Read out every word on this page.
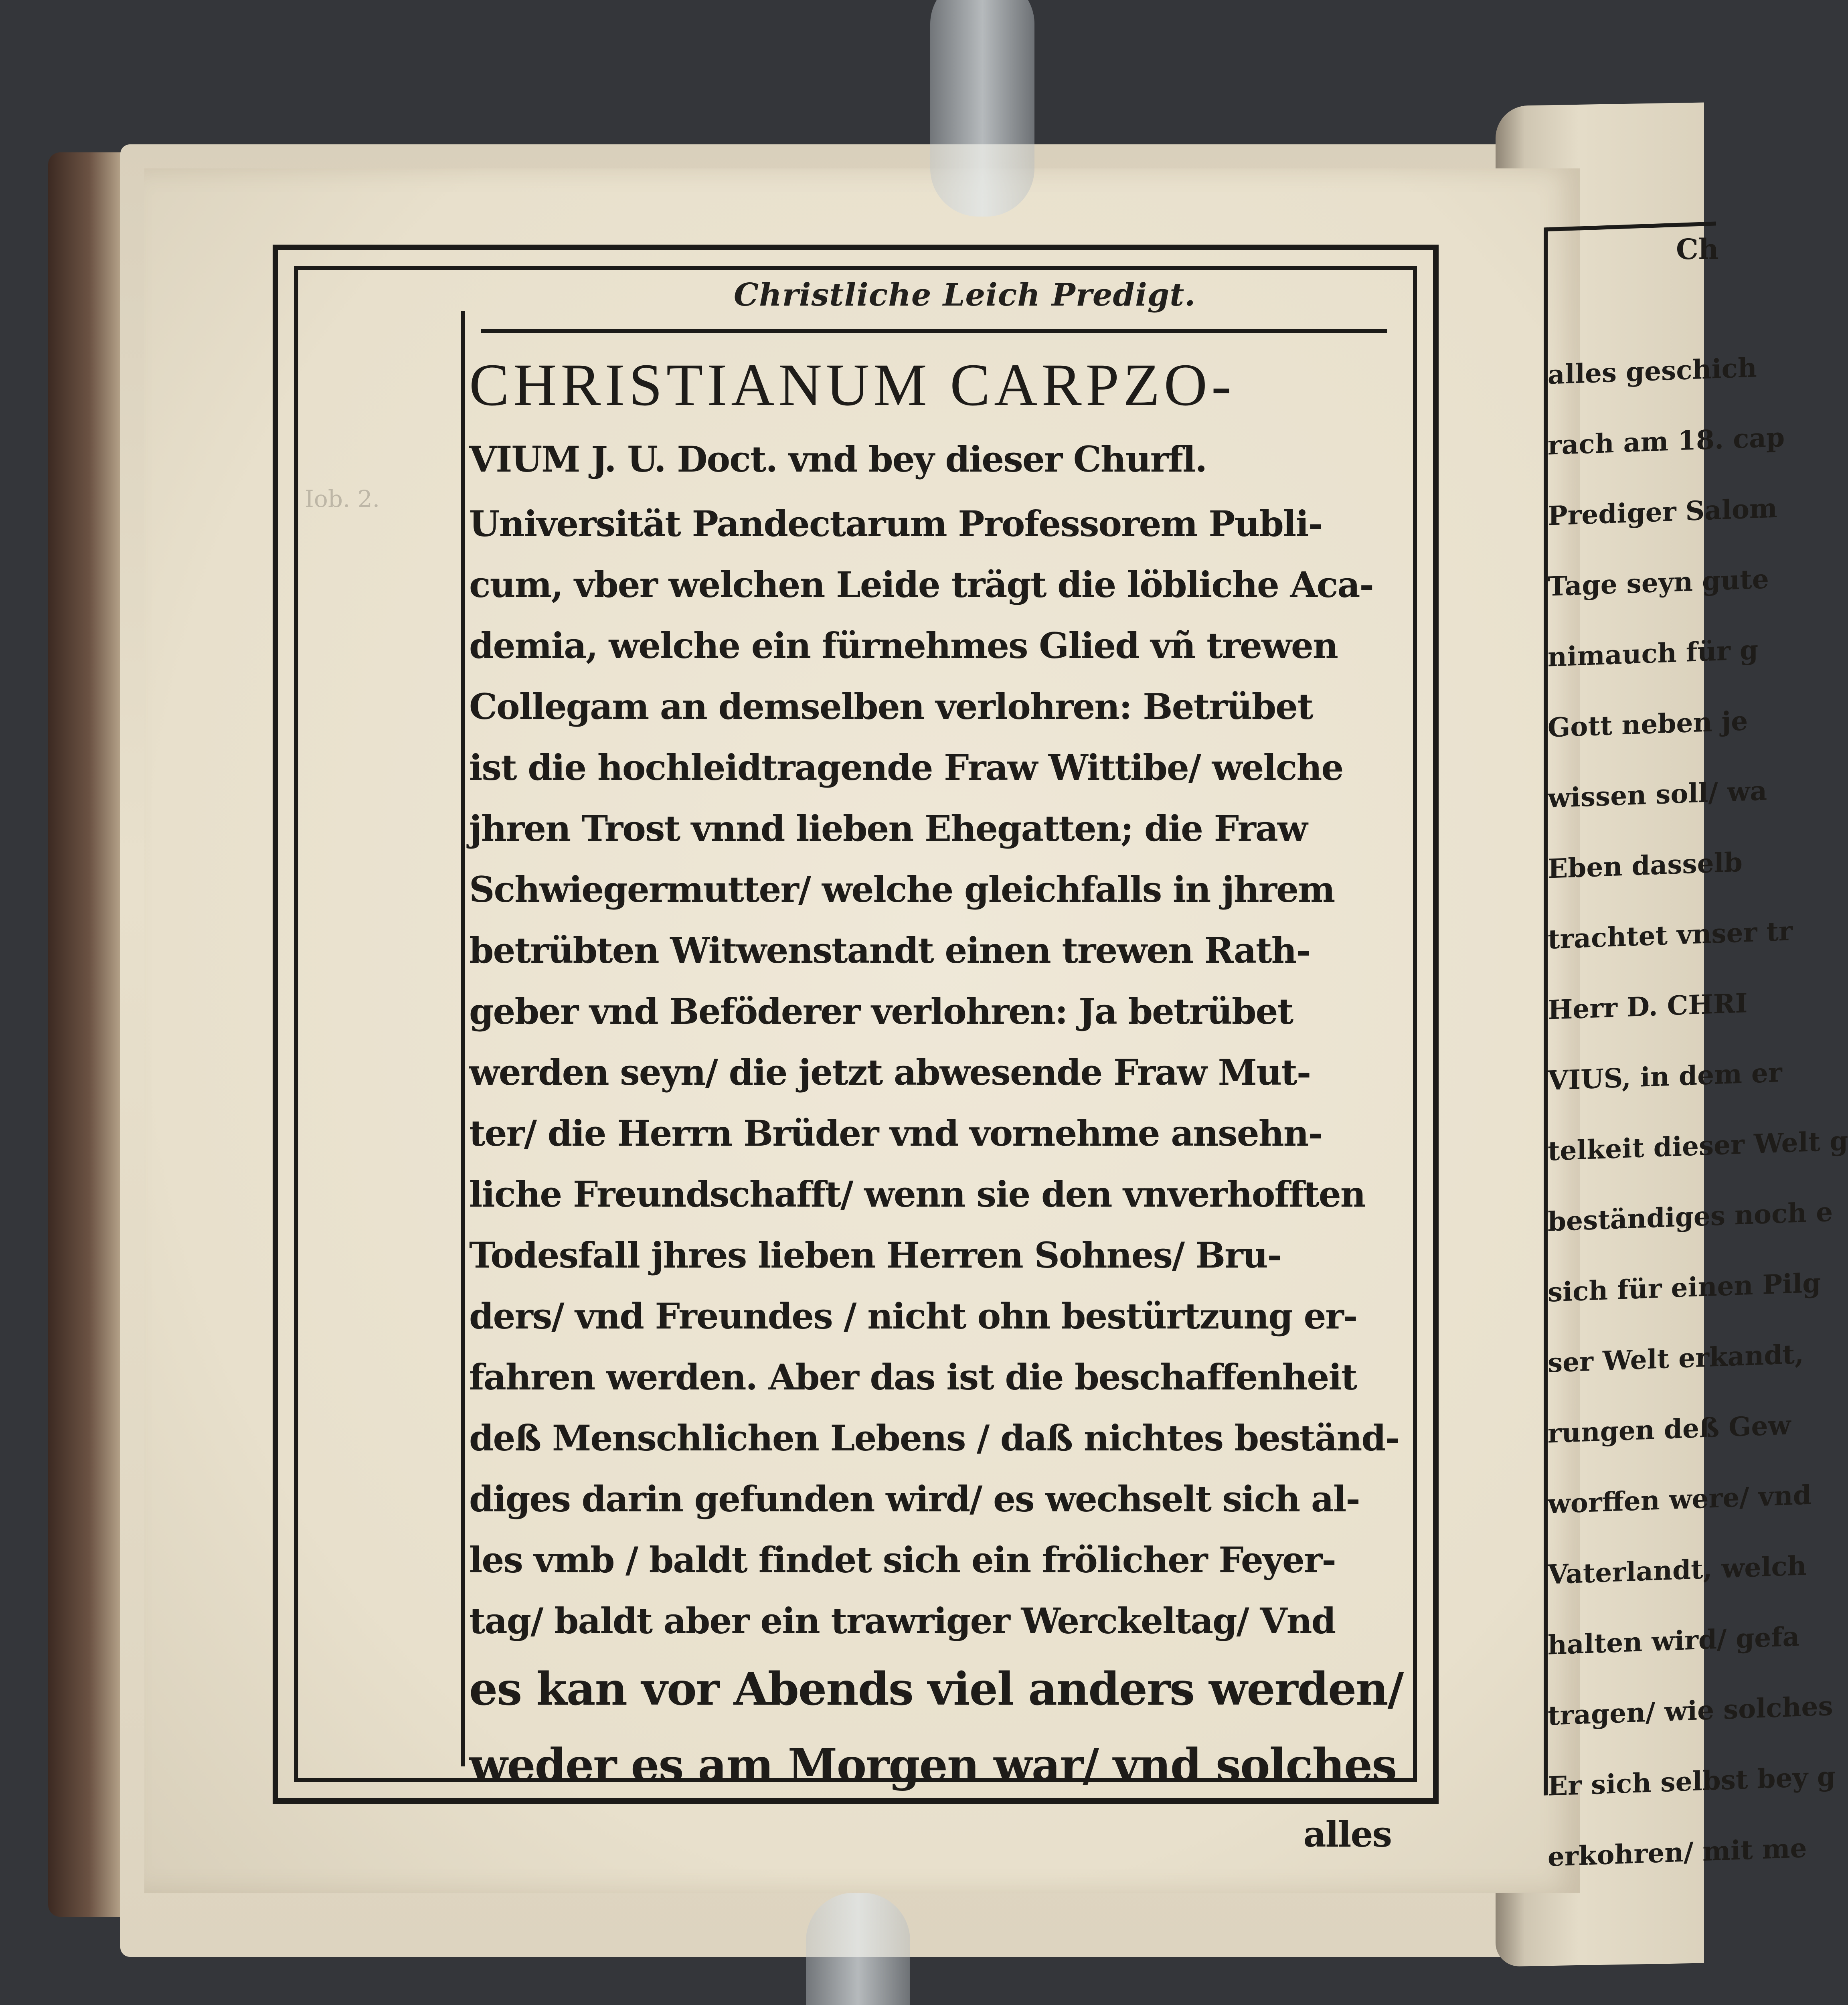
Iob. 2.
Christliche Leich Predigt.
CHRISTIANUM CARPZO-
VIUM J. U. Doct. vnd bey dieser Churfl.
Universität Pandectarum Professorem Publi-
cum, vber welchen Leide trägt die löbliche Aca-
demia, welche ein fürnehmes Glied vñ trewen
Collegam an demselben verlohren: Betrübet
ist die hochleidtragende Fraw Wittibe/ welche
jhren Trost vnnd lieben Ehegatten; die Fraw
Schwiegermutter/ welche gleichfalls in jhrem
betrübten Witwenstandt einen trewen Rath-
geber vnd Beföderer verlohren: Ja betrübet
werden seyn/ die jetzt abwesende Fraw Mut-
ter/ die Herrn Brüder vnd vornehme ansehn-
liche Freundschafft/ wenn sie den vnverhofften
Todesfall jhres lieben Herren Sohnes/ Bru-
ders/ vnd Freundes / nicht ohn bestürtzung er-
fahren werden. Aber das ist die beschaffenheit
deß Menschlichen Lebens / daß nichtes beständ-
diges darin gefunden wird/ es wechselt sich al-
les vmb / baldt findet sich ein frölicher Feyer-
tag/ baldt aber ein trawriger Werckeltag/ Vnd
es kan vor Abends viel anders werden/
weder es am Morgen war/ vnd solches
alles
Ch
alles geschich
rach am 18. cap
Prediger Salom
Tage seyn gute
nimauch für g
Gott neben je
wissen soll/ wa
Eben dasselb
trachtet vnser tr
Herr D. CHRI
VIUS, in dem er
telkeit dieser Welt g
beständiges noch e
sich für einen Pilg
ser Welt erkandt,
rungen deß Gew
worffen were/ vnd
Vaterlandt, welch
halten wird/ gefa
tragen/ wie solches
Er sich selbst bey g
erkohren/ mit me
